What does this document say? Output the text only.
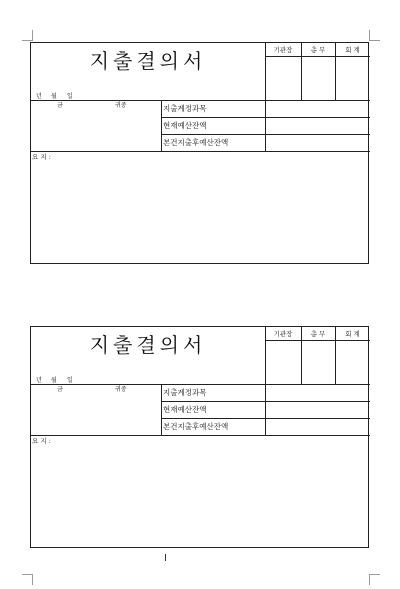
지출결의서	기관장	총 무	회 계
년 월 일
금	귀중	지출계정과목
현재예산잔액
본건지출후예산잔액
요 지 :
지출결의서	기관장	총 무	회 계
년 월 일
금	귀중	지출계정과목
현재예산잔액
본건지출후예산잔액
요 지 :
